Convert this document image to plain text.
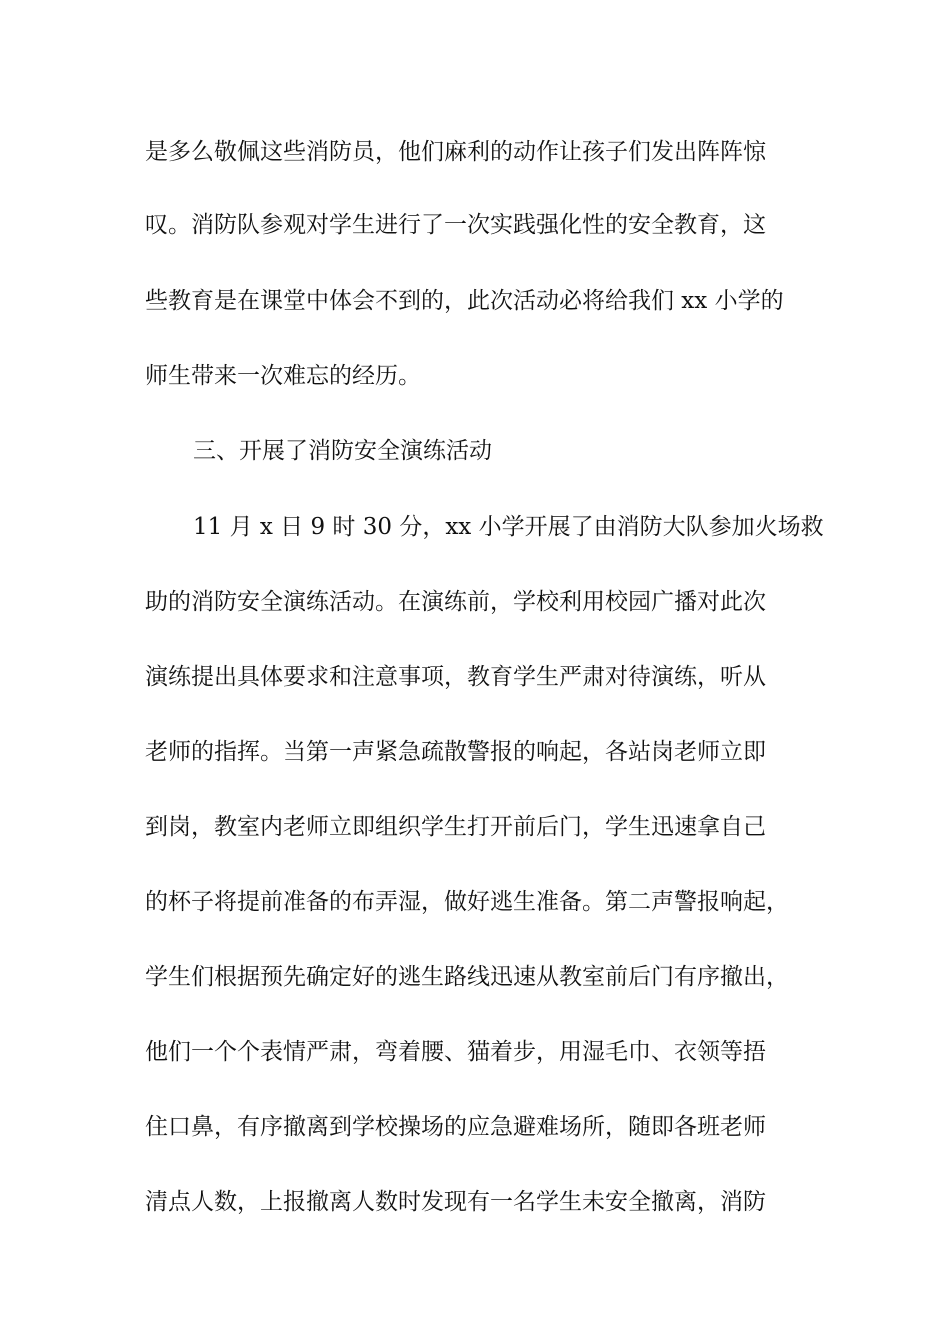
是多么敬佩这些消防员，他们麻利的动作让孩子们发出阵阵惊
叹。消防队参观对学生进行了一次实践强化性的安全教育，这
些教育是在课堂中体会不到的，此次活动必将给我们 xx 小学的
师生带来一次难忘的经历。
三、开展了消防安全演练活动
11 月 x 日 9 时 30 分，xx 小学开展了由消防大队参加火场救
助的消防安全演练活动。在演练前，学校利用校园广播对此次
演练提出具体要求和注意事项，教育学生严肃对待演练，听从
老师的指挥。当第一声紧急疏散警报的响起，各站岗老师立即
到岗，教室内老师立即组织学生打开前后门，学生迅速拿自己
的杯子将提前准备的布弄湿，做好逃生准备。第二声警报响起，
学生们根据预先确定好的逃生路线迅速从教室前后门有序撤出，
他们一个个表情严肃，弯着腰、猫着步，用湿毛巾、衣领等捂
住口鼻，有序撤离到学校操场的应急避难场所，随即各班老师
清点人数，上报撤离人数时发现有一名学生未安全撤离，消防
